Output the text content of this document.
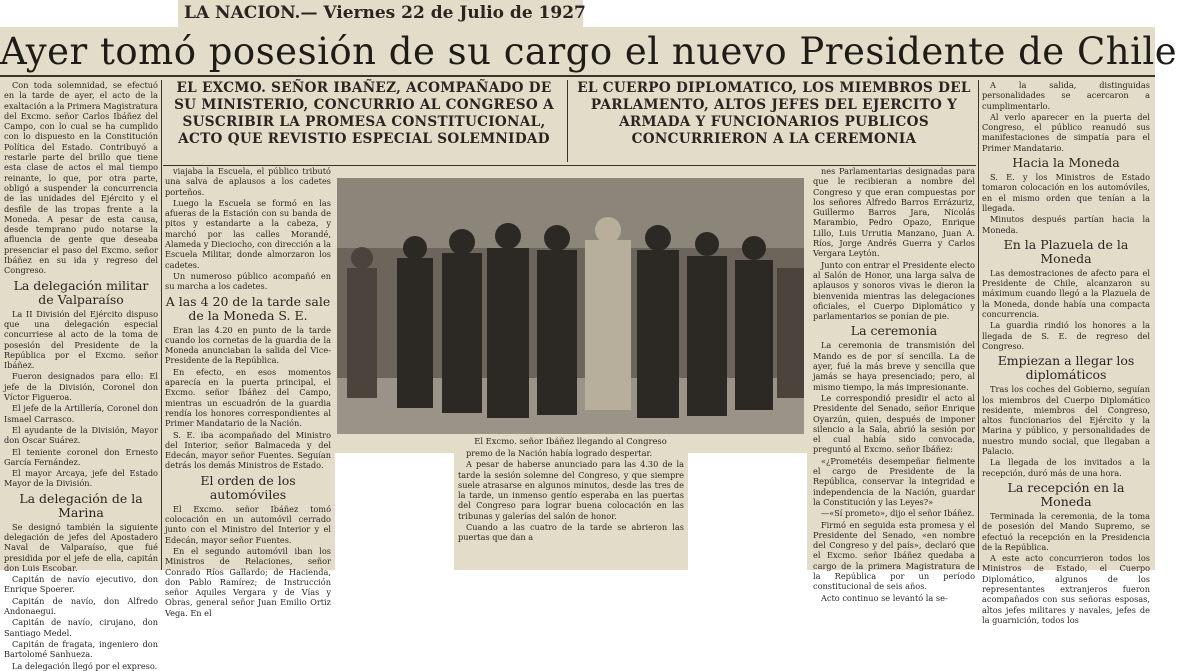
LA NACION.— Viernes 22 de Julio de 1927
Ayer tomó posesión de su cargo el nuevo Presidente de Chile

Con toda solemnidad, se efectuó en la tarde de ayer, el acto de la exaltación a la Primera Magistratura del Excmo. señor Carlos Ibáñez del Campo, con lo cual se ha cumplido con lo dispuesto en la Constitución Política del Estado. Contribuyó a restarle parte del brillo que tiene esta clase de actos el mal tiempo reinante, lo que, por otra parte, obligó a suspender la concurrencia de las unidades del Ejército y el desfile de las tropas frente a la Moneda. A pesar de esta causa, desde temprano pudo notarse la afluencia de gente que deseaba presenciar el paso del Excmo. señor Ibáñez en su ida y regreso del Congreso.

La delegación militar de Valparaíso

La II División del Ejército dispuso que una delegación especial concurriese al acto de la toma de posesión del Presidente de la República por el Excmo. señor Ibáñez.

Fueron designados para ello: El jefe de la División, Coronel don Víctor Figueroa.

El jefe de la Artillería, Coronel don Ismael Carrasco.

El ayudante de la División, Mayor don Oscar Suárez.

El teniente coronel don Ernesto García Fernández.

El mayor Arcaya, jefe del Estado Mayor de la División.

La delegación de la Marina

Se designó también la siguiente delegación de jefes del Apostadero Naval de Valparaíso, que fué presidida por el jefe de ella, capitán don Luis Escobar.

Capitán de navío ejecutivo, don Enrique Spoerer.

Capitán de navío, don Alfredo Andonaegui.

Capitán de navío, cirujano, don Santiago Medel.

Capitán de fragata, ingeniero don Bartolomé Sanhueza.

La delegación llegó por el expreso.

EL EXCMO. SEÑOR IBAÑEZ, ACOMPAÑADO DE SU MINISTERIO, CONCURRIO AL CONGRESO A SUSCRIBIR LA PROMESA CONSTITUCIONAL, ACTO QUE REVISTIO ESPECIAL SOLEMNIDAD
EL CUERPO DIPLOMATICO, LOS MIEMBROS DEL PARLAMENTO, ALTOS JEFES DEL EJERCITO Y ARMADA Y FUNCIONARIOS PUBLICOS CONCURRIERON A LA CEREMONIA

viajaba la Escuela, el público tributó una salva de aplausos a los cadetes porteños.

Luego la Escuela se formó en las afueras de la Estación con su banda de pitos y estandarte a la cabeza, y marchó por las calles Morandé, Alameda y Dieciocho, con dirección a la Escuela Militar, donde almorzaron los cadetes.

Un numeroso público acompañó en su marcha a los cadetes.

A las 4 20 de la tarde sale de la Moneda S. E.

Eran las 4.20 en punto de la tarde cuando los cornetas de la guardia de la Moneda anunciaban la salida del Vice-Presidente de la República.

En efecto, en esos momentos aparecía en la puerta principal, el Excmo. señor Ibáñez del Campo, mientras un escuadrón de la guardia rendía los honores correspondientes al Primer Mandatario de la Nación.

S. E. iba acompañado del Ministro del Interior, señor Balmaceda y del Edecán, mayor señor Fuentes. Seguían detrás los demás Ministros de Estado.

El orden de los automóviles

El Excmo. señor Ibáñez tomó colocación en un automóvil cerrado junto con el Ministro del Interior y el Edecán, mayor señor Fuentes.

En el segundo automóvil iban los Ministros de Relaciones, señor Conrado Ríos Gallardo; de Hacienda, don Pablo Ramírez; de Instrucción señor Aquiles Vergara y de Vías y Obras, general señor Juan Emilio Ortiz Vega. En el

El Excmo. señor Ibáñez llegando al Congreso

premo de la Nación había logrado despertar.

A pesar de haberse anunciado para las 4.30 de la tarde la sesión solemne del Congreso, y que siempre suele atrasarse en algunos minutos, desde las tres de la tarde, un inmenso gentío esperaba en las puertas del Congreso para lograr buena colocación en las tribunas y galerías del salón de honor.

Cuando a las cuatro de la tarde se abrieron las puertas que dan a

nes Parlamentarias designadas para que le recibieran a nombre del Congreso y que eran compuestas por los señores Alfredo Barros Errázuriz, Guillermo Barros Jara, Nicolás Marambio, Pedro Opazo, Enrique Lillo, Luis Urrutia Manzano, Juan A. Ríos, Jorge Andrés Guerra y Carlos Vergara Leytón.

Junto con entrar el Presidente electo al Salón de Honor, una larga salva de aplausos y sonoros vivas le dieron la bienvenida mientras las delegaciones oficiales, el Cuerpo Diplomático y parlamentarios se ponían de pie.

La ceremonia

La ceremonia de transmisión del Mando es de por sí sencilla. La de ayer, fué la más breve y sencilla que jamás se haya presenciado; pero, al mismo tiempo, la más impresionante.

Le correspondió presidir el acto al Presidente del Senado, señor Enrique Oyarzún, quien, después de imponer silencio a la Sala, abrió la sesión por el cual había sido convocada, preguntó al Excmo. señor Ibáñez:

«¿Prometéis desempeñar fielmente el cargo de Presidente de la República, conservar la integridad e independencia de la Nación, guardar la Constitución y las Leyes?»

—«Sí prometo», dijo el señor Ibáñez.

Firmó en seguida esta promesa y el Presidente del Senado, «en nombre del Congreso y del país», declaró que el Excmo. señor Ibáñez quedaba a cargo de la primera Magistratura de la República por un período constitucional de seis años.

Acto continuo se levantó la se-

A la salida, distinguidas personalidades se acercaron a cumplimentarlo.

Al verlo aparecer en la puerta del Congreso, el público reanudó sus manifestaciones de simpatía para el Primer Mandatario.

Hacia la Moneda

S. E. y los Ministros de Estado tomaron colocación en los automóviles, en el mismo orden que tenían a la llegada.

Minutos después partían hacia la Moneda.

En la Plazuela de la Moneda

Las demostraciones de afecto para el Presidente de Chile, alcanzaron su máximum cuando llegó a la Plazuela de la Moneda, donde había una compacta concurrencia.

La guardia rindió los honores a la llegada de S. E. de regreso del Congreso.

Empiezan a llegar los diplomáticos

Tras los coches del Gobierno, seguían los miembros del Cuerpo Diplomático residente, miembros del Congreso, altos funcionarios del Ejército y la Marina y público, y personalidades de nuestro mundo social, que llegaban a Palacio.

La llegada de los invitados a la recepción, duró más de una hora.

La recepción en la Moneda

Terminada la ceremonia, de la toma de posesión del Mando Supremo, se efectuó la recepción en la Presidencia de la República.

A este acto concurrieron todos los Ministros de Estado, el Cuerpo Diplomático, algunos de los representantes extranjeros fueron acompañados con sus señoras esposas, altos jefes militares y navales, jefes de la guarnición, todos los
